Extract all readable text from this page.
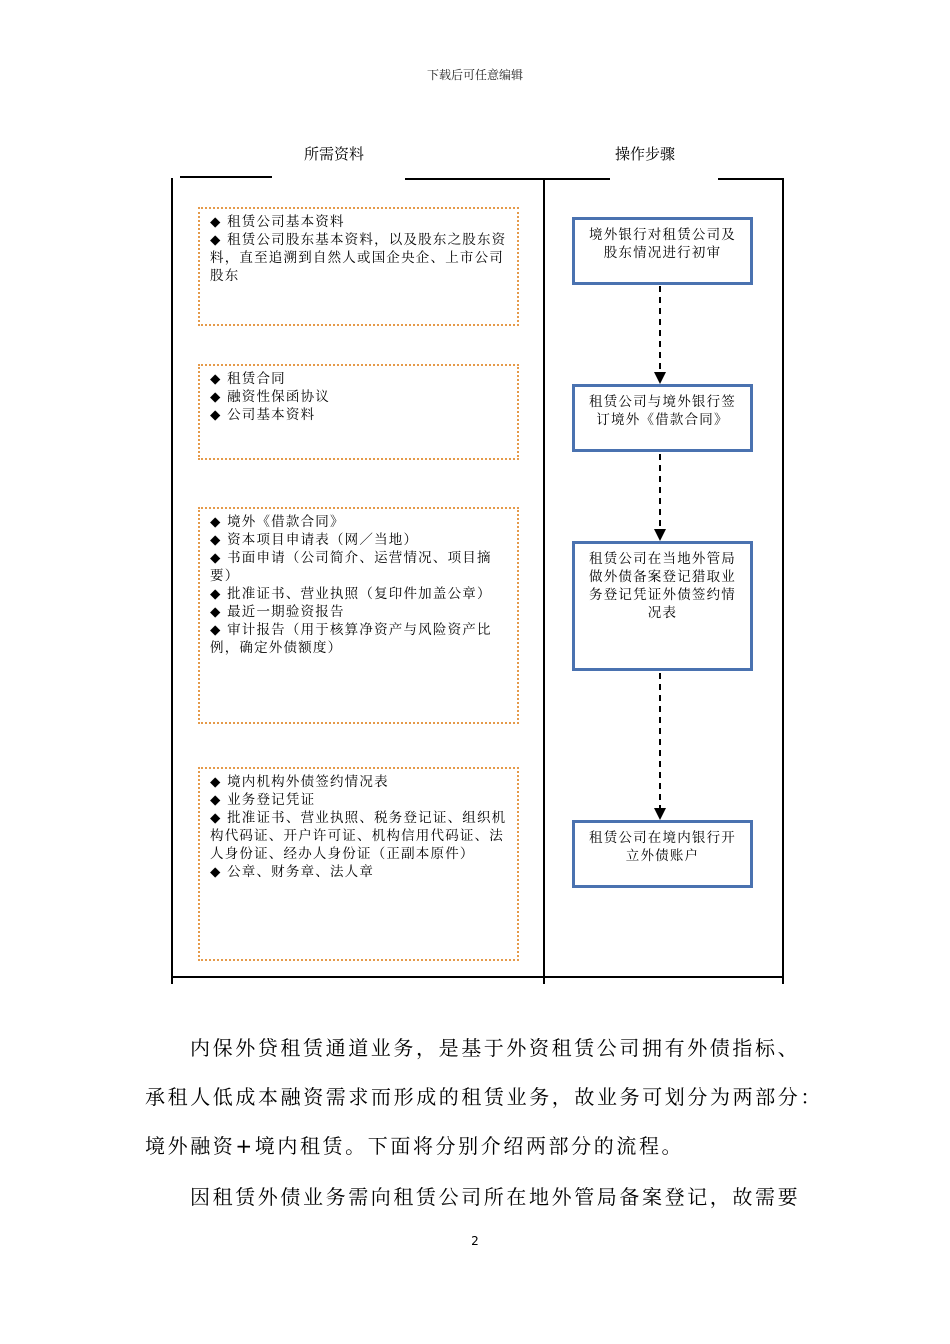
下载后可任意编辑
所需资料	操作步骤

◆ 租赁公司基本资料

◆ 租赁公司股东基本资料，以及股东之股东资料，直至追溯到自然人或国企央企、上市公司股东

◆ 租赁合同

◆ 融资性保函协议

◆ 公司基本资料

◆ 境外《借款合同》

◆ 资本项目申请表（网／当地）

◆ 书面申请（公司简介、运营情况、项目摘要）

◆ 批准证书、营业执照（复印件加盖公章）

◆ 最近一期验资报告

◆ 审计报告（用于核算净资产与风险资产比例，确定外债额度）

◆ 境内机构外债签约情况表

◆ 业务登记凭证

◆ 批准证书、营业执照、税务登记证、组织机构代码证、开户许可证、机构信用代码证、法人身份证、经办人身份证（正副本原件）

◆ 公章、财务章、法人章

境外银行对租赁公司及股东情况进行初审
租赁公司与境外银行签订境外《借款合同》
租赁公司在当地外管局做外债备案登记猎取业务登记凭证外债签约情况表
租赁公司在境内银行开立外债账户
内保外贷租赁通道业务，是基于外资租赁公司拥有外债指标、
承租人低成本融资需求而形成的租赁业务，故业务可划分为两部分：
境外融资+境内租赁。下面将分别介绍两部分的流程。
因租赁外债业务需向租赁公司所在地外管局备案登记，故需要
2
